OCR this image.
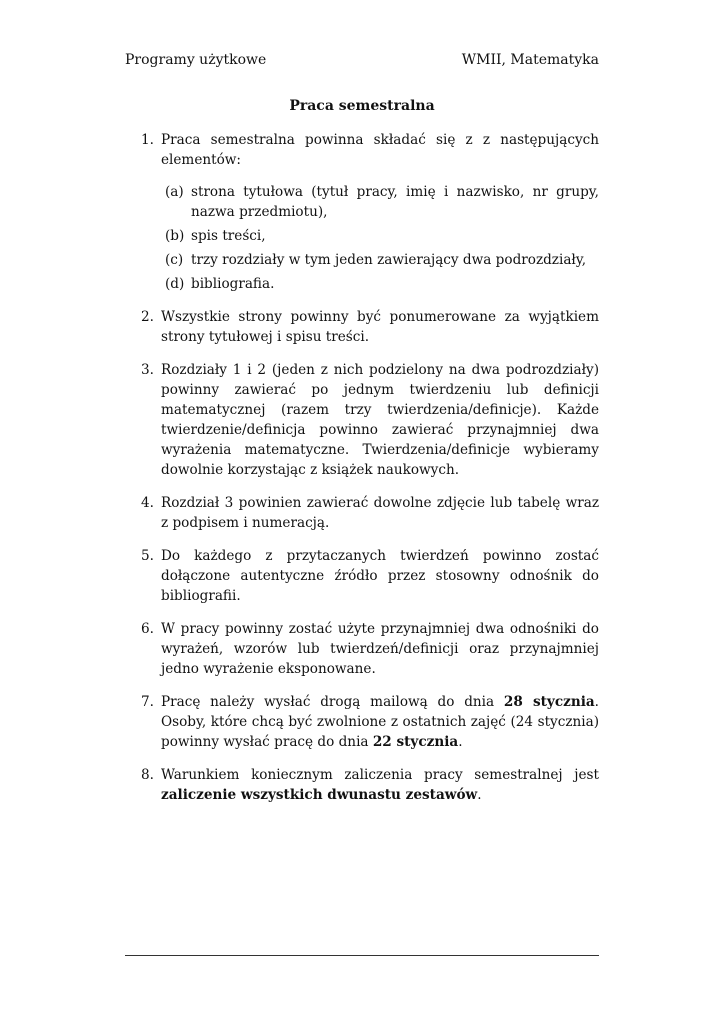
Programy użytkowe	WMII, Matematyka
Praca semestralna
1. Praca semestralna powinna składać się z z następujących elementów:
(a) strona tytułowa (tytuł pracy, imię i nazwisko, nr grupy, nazwa przedmiotu),
(b) spis treści,
(c) trzy rozdziały w tym jeden zawierający dwa podrozdziały,
(d) bibliografia.
2. Wszystkie strony powinny być ponumerowane za wyjątkiem strony tytułowej i spisu treści.
3. Rozdziały 1 i 2 (jeden z nich podzielony na dwa podrozdziały) powinny zawierać po jednym twierdzeniu lub definicji matematycznej (razem trzy twierdzenia/definicje). Każde twierdzenie/definicja powinno zawierać przynajmniej dwa wyrażenia matematyczne. Twierdzenia/definicje wybieramy dowolnie korzystając z książek naukowych.
4. Rozdział 3 powinien zawierać dowolne zdjęcie lub tabelę wraz z podpisem i numeracją.
5. Do każdego z przytaczanych twierdzeń powinno zostać dołączone autentyczne źródło przez stosowny odnośnik do bibliografii.
6. W pracy powinny zostać użyte przynajmniej dwa odnośniki do wyrażeń, wzorów lub twierdzeń/definicji oraz przynajmniej jedno wyrażenie eksponowane.
7. Pracę należy wysłać drogą mailową do dnia 28 stycznia. Osoby, które chcą być zwolnione z ostatnich zajęć (24 stycznia) powinny wysłać pracę do dnia 22 stycznia.
8. Warunkiem koniecznym zaliczenia pracy semestralnej jest zaliczenie wszystkich dwunastu zestawów.
